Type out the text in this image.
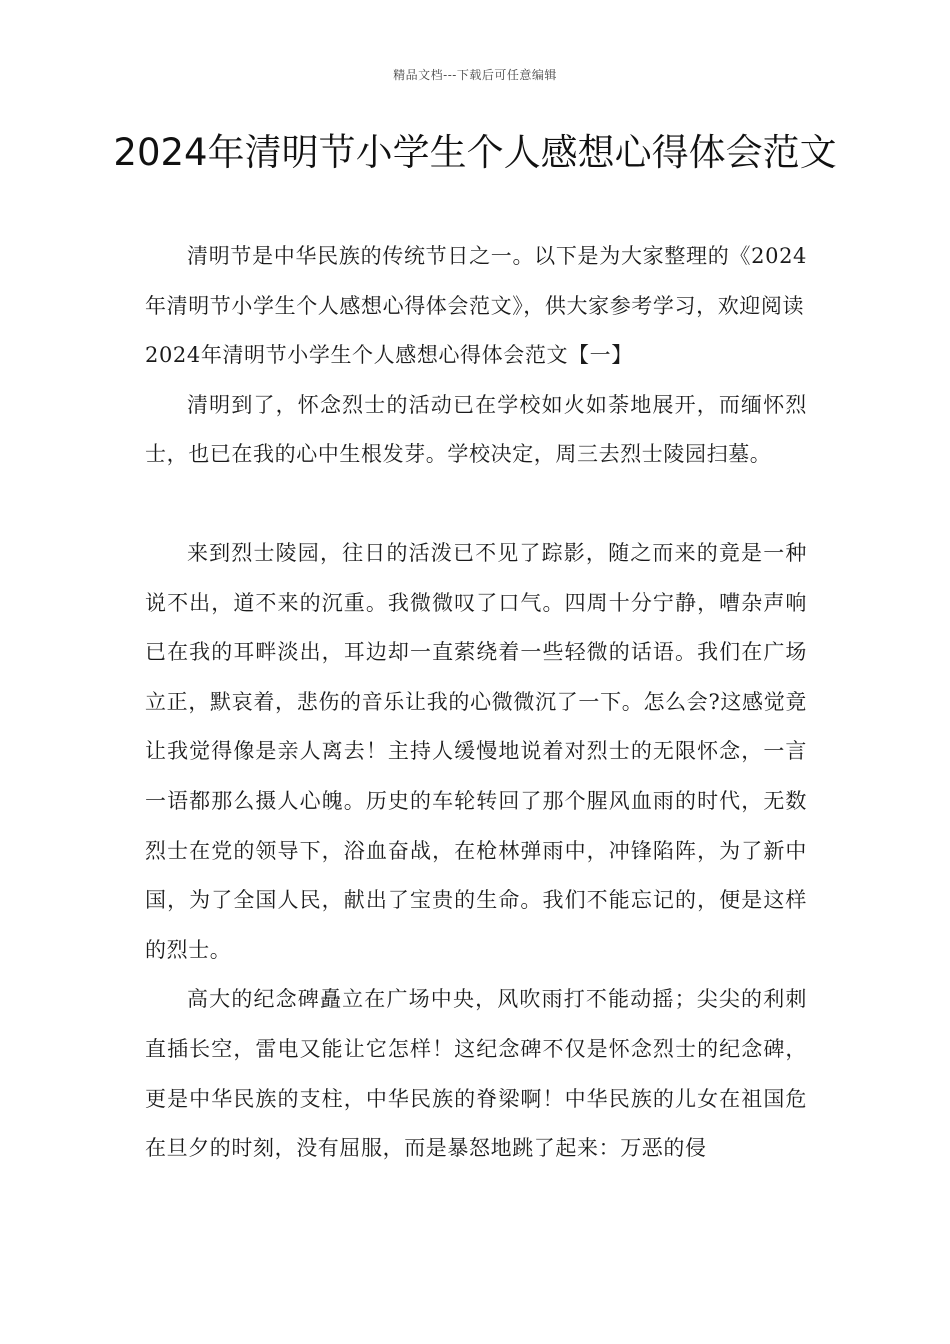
精品文档---下载后可任意编辑
2024年清明节小学生个人感想心得体会范文

清明节是中华民族的传统节日之一。以下是为大家整理的《2024年清明节小学生个人感想心得体会范文》，供大家参考学习，欢迎阅读

2024年清明节小学生个人感想心得体会范文【一】

清明到了，怀念烈士的活动已在学校如火如荼地展开，而缅怀烈士，也已在我的心中生根发芽。学校决定，周三去烈士陵园扫墓。

来到烈士陵园，往日的活泼已不见了踪影，随之而来的竟是一种说不出，道不来的沉重。我微微叹了口气。四周十分宁静，嘈杂声响已在我的耳畔淡出，耳边却一直萦绕着一些轻微的话语。我们在广场立正，默哀着，悲伤的音乐让我的心微微沉了一下。怎么会?这感觉竟让我觉得像是亲人离去！主持人缓慢地说着对烈士的无限怀念，一言一语都那么摄人心魄。历史的车轮转回了那个腥风血雨的时代，无数烈士在党的领导下，浴血奋战，在枪林弹雨中，冲锋陷阵，为了新中国，为了全国人民，献出了宝贵的生命。我们不能忘记的，便是这样的烈士。

高大的纪念碑矗立在广场中央，风吹雨打不能动摇；尖尖的利刺直插长空，雷电又能让它怎样！这纪念碑不仅是怀念烈士的纪念碑，更是中华民族的支柱，中华民族的脊梁啊！中华民族的儿女在祖国危在旦夕的时刻，没有屈服，而是暴怒地跳了起来：万恶的侵
